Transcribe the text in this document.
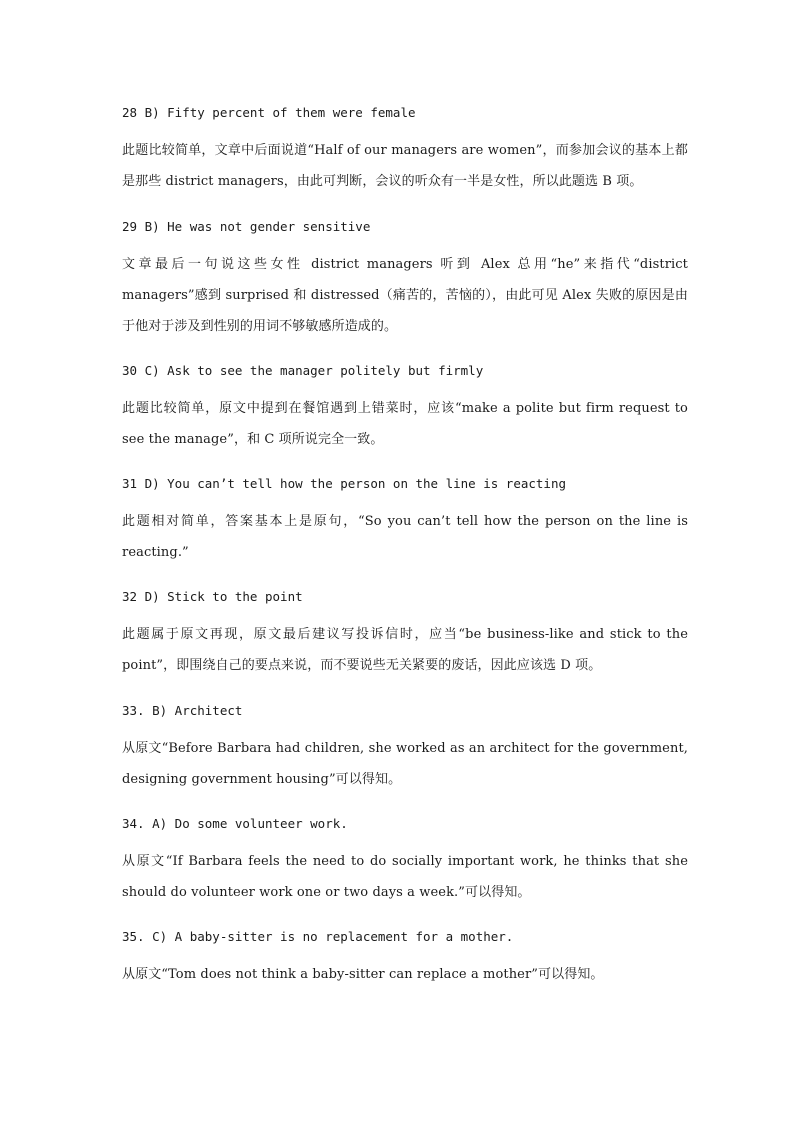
28 B) Fifty percent of them were female

此题比较简单，文章中后面说道“Half of our managers are women”，而参加会议的基本上都是那些 district managers，由此可判断，会议的听众有一半是女性，所以此题选 B 项。

29 B) He was not gender sensitive

文章最后一句说这些女性 district managers 听到 Alex 总用“he”来指代“district managers”感到 surprised 和 distressed（痛苦的，苦恼的），由此可见 Alex 失败的原因是由于他对于涉及到性别的用词不够敏感所造成的。

30 C) Ask to see the manager politely but firmly

此题比较简单，原文中提到在餐馆遇到上错菜时，应该“make a polite but firm request to see the manage”，和 C 项所说完全一致。

31 D) You can’t tell how the person on the line is reacting

此题相对简单，答案基本上是原句，“So you can’t tell how the person on the line is reacting.”

32 D) Stick to the point

此题属于原文再现，原文最后建议写投诉信时，应当“be business-like and stick to the point”，即围绕自己的要点来说，而不要说些无关紧要的废话，因此应该选 D 项。

33. B) Architect

从原文“Before Barbara had children, she worked as an architect for the government, designing government housing”可以得知。

34. A) Do some volunteer work.

从原文“If Barbara feels the need to do socially important work, he thinks that she should do volunteer work one or two days a week.”可以得知。

35. C) A baby-sitter is no replacement for a mother.

从原文“Tom does not think a baby-sitter can replace a mother”可以得知。
